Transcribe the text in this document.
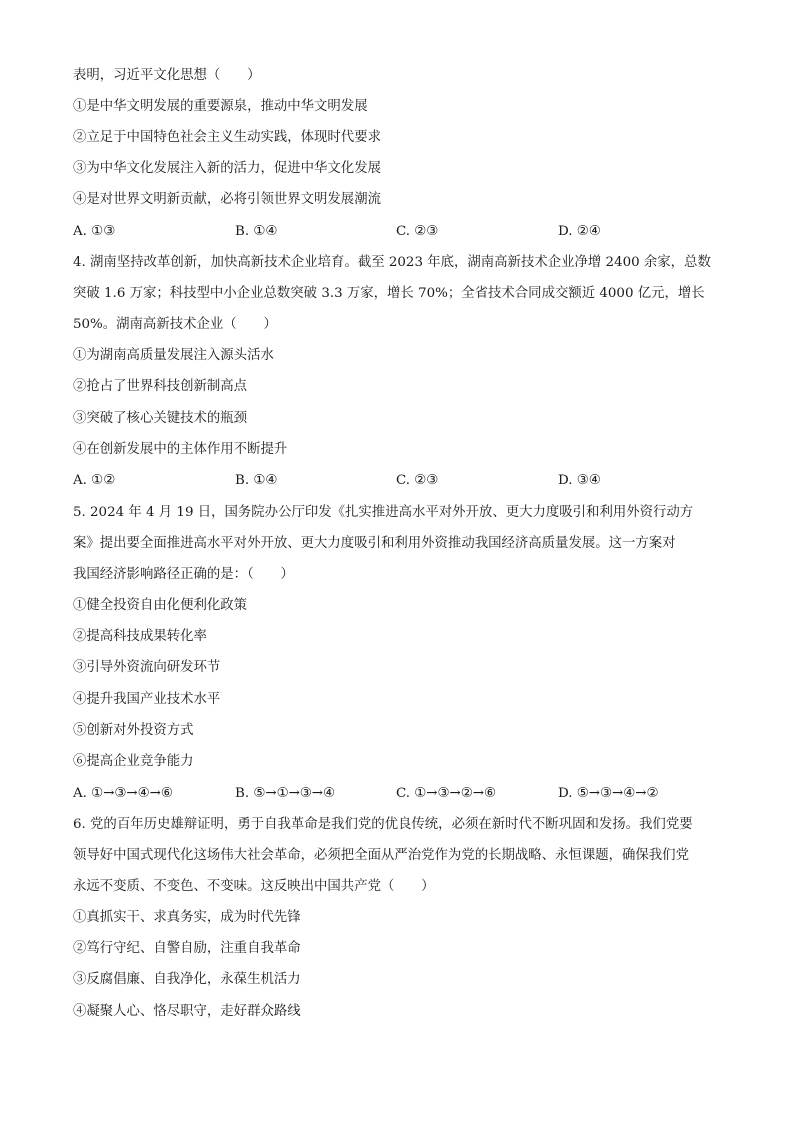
表明，习近平文化思想（　　）
①是中华文明发展的重要源泉，推动中华文明发展
②立足于中国特色社会主义生动实践，体现时代要求
③为中华文化发展注入新的活力，促进中华文化发展
④是对世界文明新贡献，必将引领世界文明发展潮流
A. ①③	B. ①④	C. ②③	D. ②④
4. 湖南坚持改革创新，加快高新技术企业培育。截至 2023 年底，湖南高新技术企业净增 2400 余家，总数
突破 1.6 万家；科技型中小企业总数突破 3.3 万家，增长 70%；全省技术合同成交额近 4000 亿元，增长
50%。湖南高新技术企业（　　）
①为湖南高质量发展注入源头活水
②抢占了世界科技创新制高点
③突破了核心关键技术的瓶颈
④在创新发展中的主体作用不断提升
A. ①②	B. ①④	C. ②③	D. ③④
5. 2024 年 4 月 19 日，国务院办公厅印发《扎实推进高水平对外开放、更大力度吸引和利用外资行动方
案》提出要全面推进高水平对外开放、更大力度吸引和利用外资推动我国经济高质量发展。这一方案对
我国经济影响路径正确的是：（　　）
①健全投资自由化便利化政策
②提高科技成果转化率
③引导外资流向研发环节
④提升我国产业技术水平
⑤创新对外投资方式
⑥提高企业竞争能力
A. ①→③→④→⑥	B. ⑤→①→③→④	C. ①→③→②→⑥	D. ⑤→③→④→②
6. 党的百年历史雄辩证明，勇于自我革命是我们党的优良传统，必须在新时代不断巩固和发扬。我们党要
领导好中国式现代化这场伟大社会革命，必须把全面从严治党作为党的长期战略、永恒课题，确保我们党
永远不变质、不变色、不变味。这反映出中国共产党（　　）
①真抓实干、求真务实，成为时代先锋
②笃行守纪、自警自励，注重自我革命
③反腐倡廉、自我净化，永葆生机活力
④凝聚人心、恪尽职守，走好群众路线
